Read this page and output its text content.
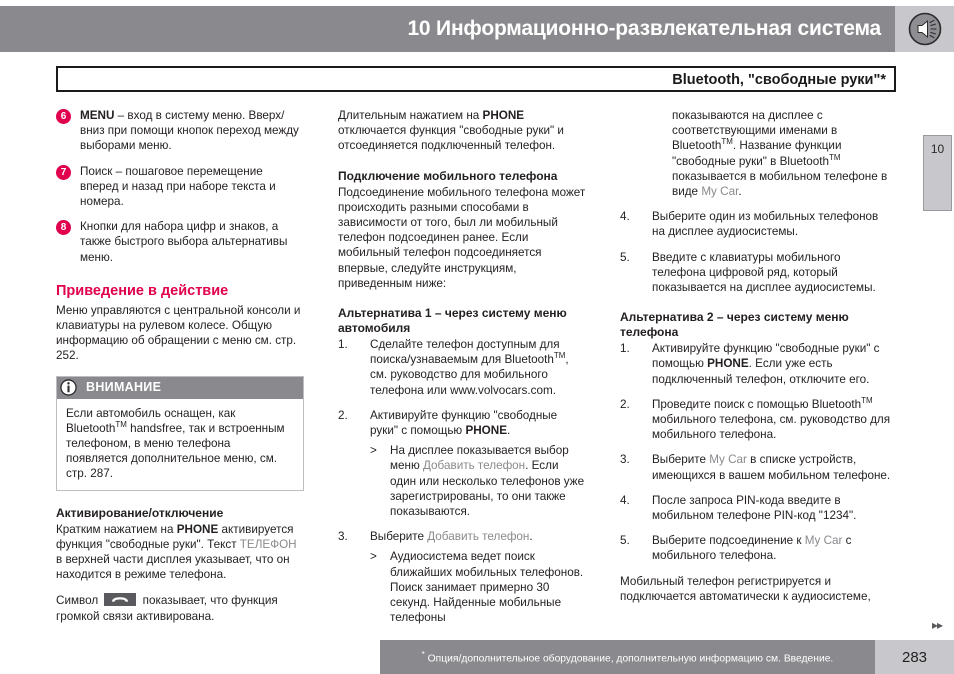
10 Информационно-развлекательная система
Bluetooth, "свободные руки"*
10
6	MENU – вход в систему меню. Вверх/вниз при помощи кнопок переход между выборами меню.
7	Поиск – пошаговое перемещение вперед и назад при наборе текста и номера.
8	Кнопки для набора цифр и знаков, а также быстрого выбора альтернативы меню.
Приведение в действие

Меню управляются с центральной консоли и клавиатуры на рулевом колесе. Общую информацию об обращении с меню см. стр. 252.

ВНИМАНИЕ
Если автомобиль оснащен, как Bluetooth™ handsfree, так и встроенным телефоном, в меню телефона появляется дополнительное меню, см. стр. 287.
Активирование/отключение

Кратким нажатием на PHONE активируется функция "свободные руки". Текст ТЕЛЕФОН в верхней части дисплея указывает, что он находится в режиме телефона.

Символ	показывает, что функция громкой связи активирована.

Длительным нажатием на PHONE отключается функция "свободные руки" и отсоединяется подключенный телефон.

Подключение мобильного телефона

Подсоединение мобильного телефона может происходить разными способами в зависимости от того, был ли мобильный телефон подсоединен ранее. Если мобильный телефон подсоединяется впервые, следуйте инструкциям, приведенным ниже:

Альтернатива 1 – через систему меню автомобиля
1.	Сделайте телефон доступным для поиска/узнаваемым для Bluetooth™, см. руководство для мобильного телефона или www.volvocars.com.
2.	Активируйте функцию "свободные руки" с помощью PHONE.
> На дисплее показывается выбор меню Добавить телефон. Если один или несколько телефонов уже зарегистрированы, то они также показываются.
3.	Выберите Добавить телефон.
> Аудиосистема ведет поиск ближайших мобильных телефонов. Поиск занимает примерно 30 секунд. Найденные мобильные телефоны
показываются на дисплее с соответствующими именами в Bluetooth™. Название функции "свободные руки" в Bluetooth™ показывается в мобильном телефоне в виде My Car.
4.	Выберите один из мобильных телефонов на дисплее аудиосистемы.
5.	Введите с клавиатуры мобильного телефона цифровой ряд, который показывается на дисплее аудиосистемы.
Альтернатива 2 – через систему меню телефона
1.	Активируйте функцию "свободные руки" с помощью PHONE. Если уже есть подключенный телефон, отключите его.
2.	Проведите поиск с помощью Bluetooth™ мобильного телефона, см. руководство для мобильного телефона.
3.	Выберите My Car в списке устройств, имеющихся в вашем мобильном телефоне.
4.	После запроса PIN-кода введите в мобильном телефоне PIN-код "1234".
5.	Выберите подсоединение к My Car с мобильного телефона.

Мобильный телефон регистрируется и подключается автоматически к аудиосистеме,

▸▸
* Опция/дополнительное оборудование, дополнительную информацию см. Введение.	283
